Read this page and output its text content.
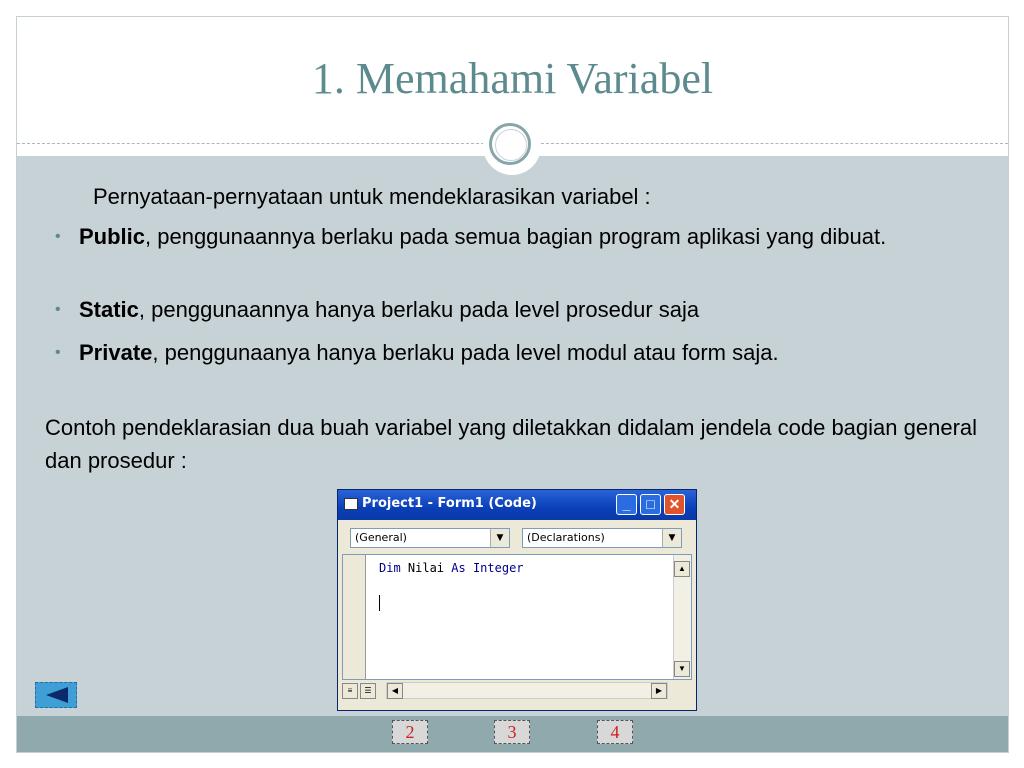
1. Memahami Variabel
Pernyataan-pernyataan untuk mendeklarasikan variabel :
• Public, penggunaannya berlaku pada semua bagian program aplikasi yang dibuat.
• Static, penggunaannya hanya berlaku pada level prosedur saja
• Private, penggunaanya hanya berlaku pada level modul atau form saja.
Contoh pendeklarasian dua buah variabel yang diletakkan didalam jendela code bagian general dan prosedur :
Project1 - Form1 (Code)	_	□ ✕
(General)	▼	(Declarations)	▼
Dim Nilai As Integer	▲
▼
≡	☰	◀	▶
2	3	4
